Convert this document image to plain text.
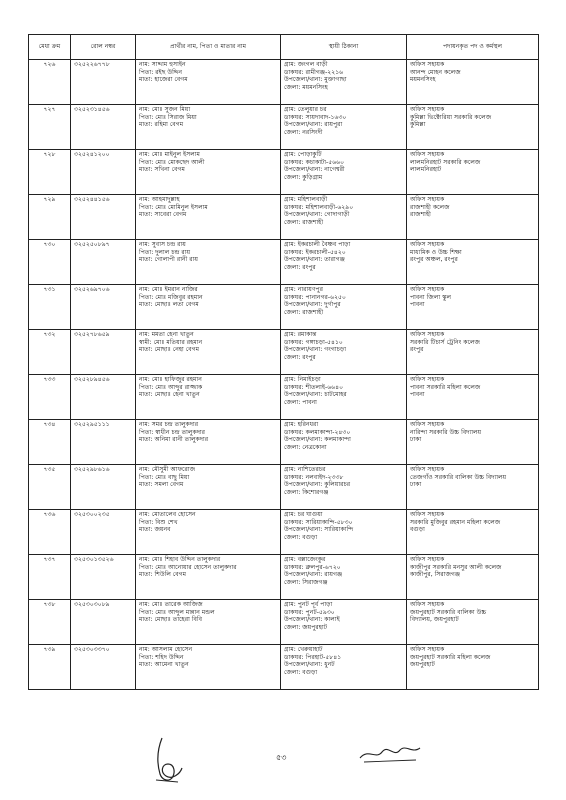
মেধা ক্রম	রোল নম্বর	প্রার্থীর নাম, পিতা ও মাতার নাম	স্থায়ী ঠিকানা	পদায়নকৃত পদ ও কর্মস্থল
৭২৬	৩২৫২২৬৭৭৮	নাম: সাদ্দাম হুসাইন
পিতা: রইছ উদ্দিন
মাতা: হাজেরা বেগম	গ্রাম: জংগল বাড়ী
ডাকঘর: রামীগঞ্জ-২২১৬
উপজেলা/থানা: মুক্তাগাছা
জেলা: ময়মনসিংহ	অফিস সহায়ক
আনন্দ মোহন কলেজ
ময়মনসিংহ

৭২৭	৩২৫২৩১৪৫৬	নাম: মোঃ সুজন মিয়া
পিতা: মোঃ সিরাজ মিয়া
মাতা: রহিমা বেগম	গ্রাম: তেলুয়ার চর
ডাকঘর: সায়দাবাদ-১৬৩০
উপজেলা/থানা: রায়পুরা
জেলা: নরসিংদী	অফিস সহায়ক
কুমিল্লা ভিক্টোরিয়া সরকারি কলেজ
কুমিল্লা

৭২৮	৩২৫২৪১২০০	নাম: মোঃ মাইনুল ইসলাম
পিতা: মোঃ মোকছেদ আলী
মাতা: সখিনা বেগম	গ্রাম: পোড়াকুটি
ডাকঘর: কচাকাটা-৫৬৬০
উপজেলা/থানা: নাগেশ্বরী
জেলা: কুড়িগ্রাম	অফিস সহায়ক
লালমনিরহাট সরকারি কলেজ
লালমনিরহাট

৭২৯	৩২৫২৪৪১৫৬	নাম: আহমাদুল্লাহ
পিতা: মোঃ মোমিনুল ইসলাম
মাতা: সাবেরা বেগম	গ্রাম: মহিশালবাড়ী
ডাকঘর: মহিশালবাড়ী-৬২৯০
উপজেলা/থানা: গোদাগাড়ী
জেলা: রাজশাহী	অফিস সহায়ক
রাজশাহী কলেজ
রাজশাহী

৭৩০	৩২৫২৫০৮৯৭	নাম: সুবাস চন্দ্র রায়
পিতা: দুলাল চন্দ্র রায়
মাতা: গোলাপী রানী রায়	গ্রাম: ইকরচালী বৈষ্ণব পাড়া
ডাকঘর: ইকরচালী-৫৪২০
উপজেলা/থানা: তারাগঞ্জ
জেলা: রংপুর	অফিস সহায়ক
মাধ্যমিক ও উচ্চ শিক্ষা
রংপুর অঞ্চল, রংপুর

৭৩১	৩২৫২৬৯৭০৬	নাম: মোঃ ইমরান নাজির
পিতা: মোঃ মজিবুর রহমান
মাতা: মোছাঃ লতা বেগম	গ্রাম: নারায়ণপুর
ডাকঘর: পানানগর-৬২৫০
উপজেলা/থানা: দুর্গাপুর
জেলা: রাজশাহী	অফিস সহায়ক
পাবনা জিলা স্কুল
পাবনা

৭৩২	৩২৫২৭৮৬৫৯	নাম: মমতা হেনা খাতুন
স্বামী: মোঃ মতিয়ার রহমান
মাতা: মোছাঃ নেহা বেগম	গ্রাম: রমাকান্ত
ডাকঘর: গঙ্গাচড়া-৫৪১০
উপজেলা/থানা: গংগাচড়া
জেলা: রংপুর	অফিস সহায়ক
সরকারি টিচার্স ট্রেনিং কলেজ
রংপুর

৭৩৩	৩২৫২৮৯৪৫৬	নাম: মোঃ হাফিজুর রহমান
পিতা: মোঃ আব্দুর রাজ্জাক
মাতা: মোছাঃ হেনা খাতুন	গ্রাম: নিমাইচড়া
ডাকঘর: শীতলাই-৬৬৪০
উপজেলা/থানা: চাটমোহর
জেলা: পাবনা	অফিস সহায়ক
পাবনা সরকারি মহিলা কলেজ
পাবনা

৭৩৪	৩২৫২৯৫১১১	নাম: সমর চন্দ্র তালুকদার
পিতা: স্বাধীন চন্দ্র তালুকদার
মাতা: অনিমা রানী তালুকদার	গ্রাম: হরিনধরা
ডাকঘর: কলমাকান্দা-২৪৩০
উপজেলা/থানা: কলমাকান্দা
জেলা: নেত্রকোনা	অফিস সহায়ক
নারিন্দা সরকারি উচ্চ বিদ্যালয়
ঢাকা

৭৩৫	৩২৫২৯৮৬১৬	নাম: মৌসুমী আফরোজ
পিতা: মোঃ বাছু মিয়া
মাতা: সমলা বেগম	গ্রাম: নাশিতেরচর
ডাকঘর: নলবাইদ-২৩৩৮
উপজেলা/থানা: কুলিয়ারচর
জেলা: কিশোরগঞ্জ	অফিস সহায়ক
তেজগাঁও সরকারি বালিকা উচ্চ বিদ্যালয়
ঢাকা

৭৩৬	৩২৫৩০০২৩৫	নাম: মোতালেব হোসেন
পিতা: বিশু শেখ
মাতা: জয়নব	গ্রাম: চর ঘাগুয়া
ডাকঘর: সারিয়াকান্দি-৫৮৩০
উপজেলা/থানা: সারিয়াকান্দি
জেলা: বগুড়া	অফিস সহায়ক
সরকারি মুজিবুর রহমান মহিলা কলেজ
বগুড়া

৭৩৭	৩২৫৩০১৩৫২৬	নাম: মোঃ শিহাব উদ্দিন তালুকদার
পিতা: মোঃ আনোয়ার হোসেন তালুকদার
মাতা: শিউলি বেগম	গ্রাম: বল্লাজেংকুর
ডাকঘর: ব্রুলপুর-৬৭২০
উপজেলা/থানা: রায়গঞ্জ
জেলা: সিরাজগঞ্জ	অফিস সহায়ক
কাজীপুর সরকারি মনসুর আলী কলেজ
কাজীপুর, সিরাজগঞ্জ

৭৩৮	৩২৫৩০৩০৮৯	নাম: মোঃ তারেক আজিজ
পিতা: মোঃ আব্দুল মান্নান মন্ডল
মাতা: মোছাঃ তাহেরা বিবি	গ্রাম: পুনট পূর্ব পাড়া
ডাকঘর: পুনট-৫৯৩০
উপজেলা/থানা: কালাই
জেলা: জয়পুরহাট	অফিস সহায়ক
জয়পুরহাট সরকারি বালিকা উচ্চ
বিদ্যালয়, জয়পুরহাট

৭৩৯	৩২৫৩০৩৩৭০	নাম: আসলাম হোসেন
পিতা: শহিদ উদ্দিন
মাতা: আমেনা খাতুন	গ্রাম: খেরুয়াহাট
ডাকঘর: পিরহাট-৫৮৪১
উপজেলা/থানা: ধুনট
জেলা: বগুড়া	অফিস সহায়ক
জয়পুরহাট সরকারি মহিলা কলেজ
জয়পুরহাট
৫৩
